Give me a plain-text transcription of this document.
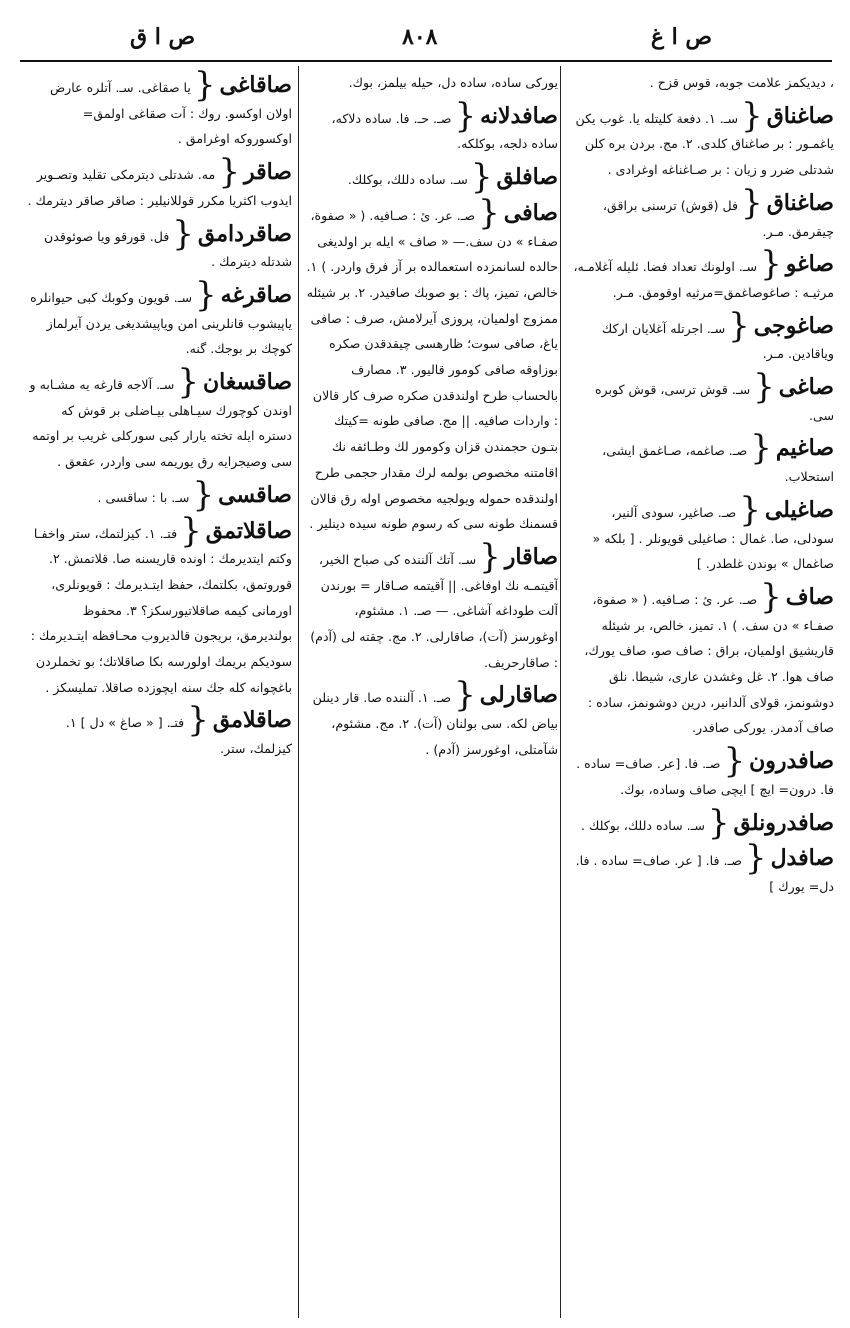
ص ا غ
۸۰۸
ص ا ق
، دیدیکمز علامت جوبه، قوس قزح .
صاغناق{سـ. ۱. دفعة کلیتله یا. غوب یکن یاغمـور : بر صاغناق کلدی. ۲. مج. بردن بره کلن شدتلی ضرر و زیان : بر صـاغناغه اوغرادی .
صاغناق{فل (قوش) ترسنی براقق، چیقرمق. مـر.
صاغو{سـ. اولونك تعداد فضا. ئلیله آغلامـه، مرثیـه : صاغوصاغمق=مرثیه اوقومق. مـر.
صاغوجی{سـ. اجرتله آغلایان اركك وياقادين. مـر.
صاغی{سـ. قوش ترسی، قوش کوبره سی.
صاغیم{صـ. صاغمه، صـاغمق ایشی، استحلاب.
صاغیلی{صـ. صاغیر، سودی آلنیر، سودلی، صا. غمال : صاغیلی قویونلر . [ بلکه « صاغمال » بوندن غلطدر. ]
صاف{صـ. عر. ئ : صـافیه. ( « صفوة، صفـاء » دن سف. ) ۱. تمیز، خالص، بر شیئله قاریشیق اولمیان، براق : صاف صو، صاف یورك، صاف هوا. ۲. غل وغشدن عاری، شیطا. نلق دوشونمز، قولای آلدانیر، درین دوشونمز، ساده : صاف آدمدر. یورکی صافدر.
صافدرون{صـ. فا. [عر. صاف= ساده . فا. درون= ایچ ] ایچی صاف وساده، بوك.
صافدرونلق{سـ. ساده دللك، بوكلك .
صافدل{صـ. فا. [ عر. صاف= ساده . فا. دل= یورك ]
یوركی ساده، ساده دل، حیله بیلمز، بوك.
صافدلانه{صـ. حـ. فا. ساده دلاكه، ساده دلجه، بوكلكه.
صافلق{سـ. ساده دللك، بوكلك.
صافی{صـ. عر. ئ : صـافیه. ( « صفوة، صفـاء » دن سف.— « صاف » ایله بر اولدیغی حالده لسانمزده استعمالده بر آز فرق واردر. ) ۱. خالص، تمیز، پاك : بو صوبك صافیدر. ۲. بر شیئله ممزوج اولمیان، پروزی آیرلامش، صرف : صافی یاغ، صافی سوت؛ ظارهسی چیقدقدن صكره بوزاوقه صافی كومور قالیور. ۳. مصارف بالحساب طرح اولندقدن صكره صرف كار قالان : واردات صافیه. || مج. صافی طونه =کیتك بتـون حجمندن قزان وكومور لك وطـائفه نك اقامتنه مخصوص بولمه لرك مقدار حجمی طرح اولندقده حموله ویولجیه مخصوص اوله رق قالان قسمنك طونه سی كه رسوم طونه سیده دینلیر .
صاقار{سـ. آتك آلننده كی صباح الخیر، آقیتمـه نك اوفاغی. || آقیتمه صـاقار = بورندن آلت طوداغه آشاغی. — صـ. ۱. مشئوم، اوغورسز (آت)، صاقارلی. ۲. مج. چقته لی (آدم) : صاقارحریف.
صاقارلی{صـ. ۱. آلننده صا. قار دینلن بیاض لکه. سی بولنان (آت). ۲. مج. مشئوم، شآمتلی، اوغورسز (آدم) .
صاقاغی{یا صقاغی. سـ. آتلره عارض اولان اوکسو. روك : آت صقاغی اولمق= اوكسوروكه اوغرامق .
صاقر{مه. شدتلی دیترمکی تقلید وتصـویر ایدوب اکثریا مكرر قوللانیلیر : صاقر صاقر دیترمك .
صاقردامق{فل. قورقو ویا صوئوقدن شدتله دیترمك .
صاقرغه{سـ. قویون وکوبك کبی حیوانلره یاپیشوب قانلرینی امن ویاپیشدیغی یردن آیرلماز کوچك بر بوجك. گنه.
صاقسغان{سـ. آلاجه قارغه یه مشـابه و اوندن کوچورك سیـاهلی بیـاضلی بر قوش که دسترە ایله تختە یارار کبی سورکلی غریب بر اوتمه سی وصیجرایه رق یوریمه سی واردر، عقعق .
صاقسی{سـ. با : ساقسی .
صاقلاتمق{فتـ. ۱. کیزلتمك، ستر واخفـا وکتم ایتدیرمك : اونده قاریسنه صا. قلاتمش. ۲. قوروتمق، بکلتمك، حفظ ایتـدیرمك : قویونلری، اورمانی کیمه صاقلاتیورسکز؟ ۳. محفوظ بولندیرمق، بریجون قالدیروب محـافظه ایتـدیرمك : سودیکم بریمك اولورسه بکا صاقلاتك؛ بو تخملردن باغچوانه کله جك سنه ایچوزده صاقلا. تملیسکز .
صاقلامق{فتـ. [ « صاغ » دل ] ۱. کیزلمك، ستر.
